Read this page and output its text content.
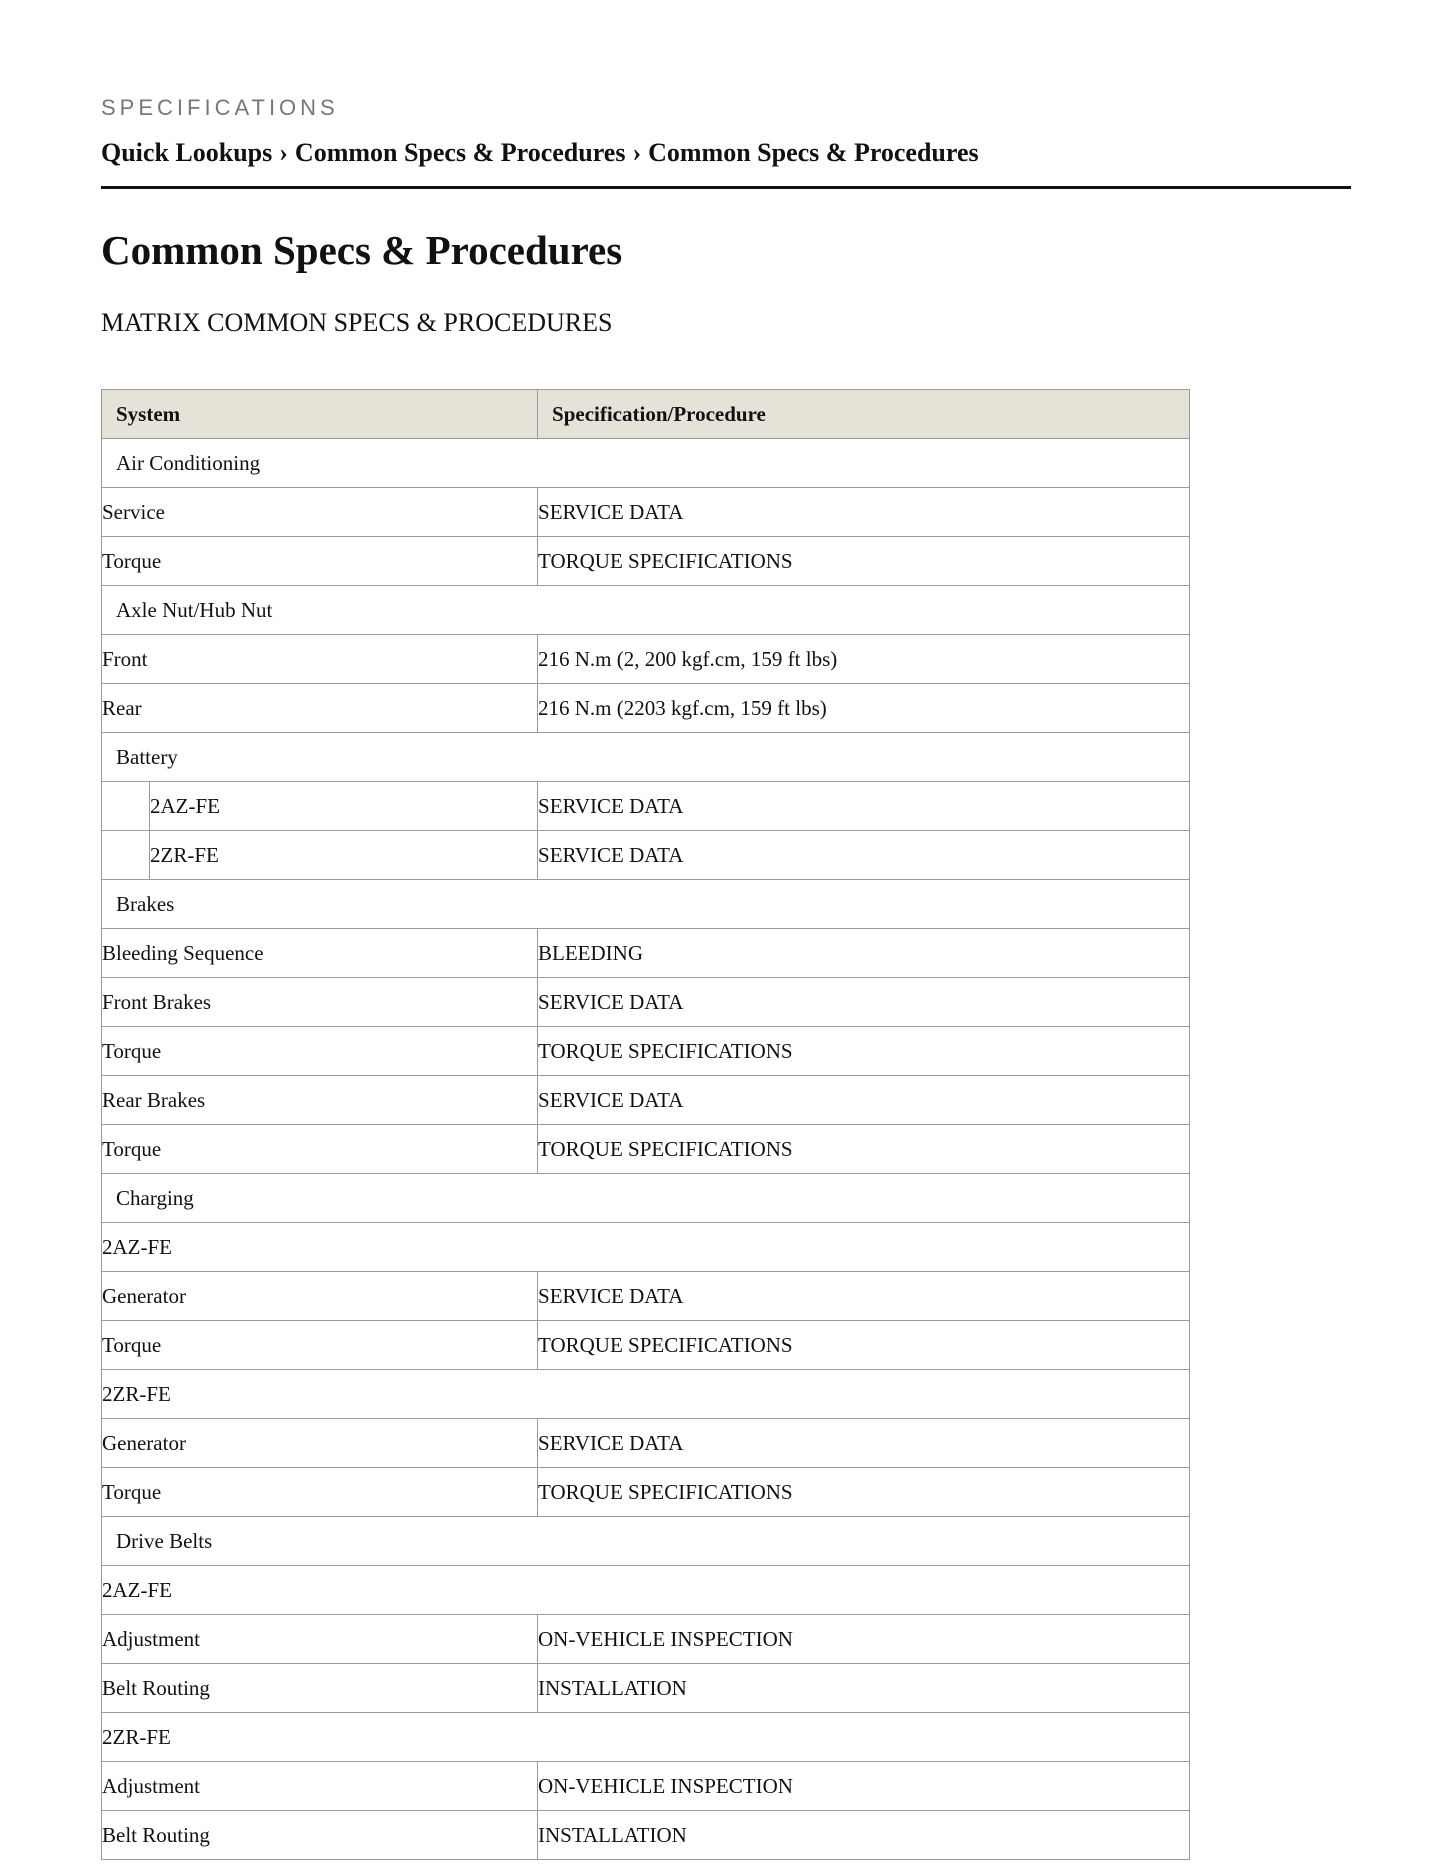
SPECIFICATIONS
Quick Lookups › Common Specs & Procedures › Common Specs & Procedures
Common Specs & Procedures
MATRIX COMMON SPECS & PROCEDURES
System		Specification/Procedure
Air Conditioning		
Service		SERVICE DATA
Torque		TORQUE SPECIFICATIONS
Axle Nut/Hub Nut		
Front		216 N.m (2, 200 kgf.cm, 159 ft lbs)
Rear		216 N.m (2203 kgf.cm, 159 ft lbs)
Battery		
	2AZ-FE	SERVICE DATA
	2ZR-FE	SERVICE DATA
Brakes		
Bleeding Sequence		BLEEDING
Front Brakes		SERVICE DATA
Torque		TORQUE SPECIFICATIONS
Rear Brakes		SERVICE DATA
Torque		TORQUE SPECIFICATIONS
Charging		
2AZ-FE		
Generator		SERVICE DATA
Torque		TORQUE SPECIFICATIONS
2ZR-FE		
Generator		SERVICE DATA
Torque		TORQUE SPECIFICATIONS
Drive Belts		
2AZ-FE		
Adjustment		ON-VEHICLE INSPECTION
Belt Routing		INSTALLATION
2ZR-FE		
Adjustment		ON-VEHICLE INSPECTION
Belt Routing		INSTALLATION
